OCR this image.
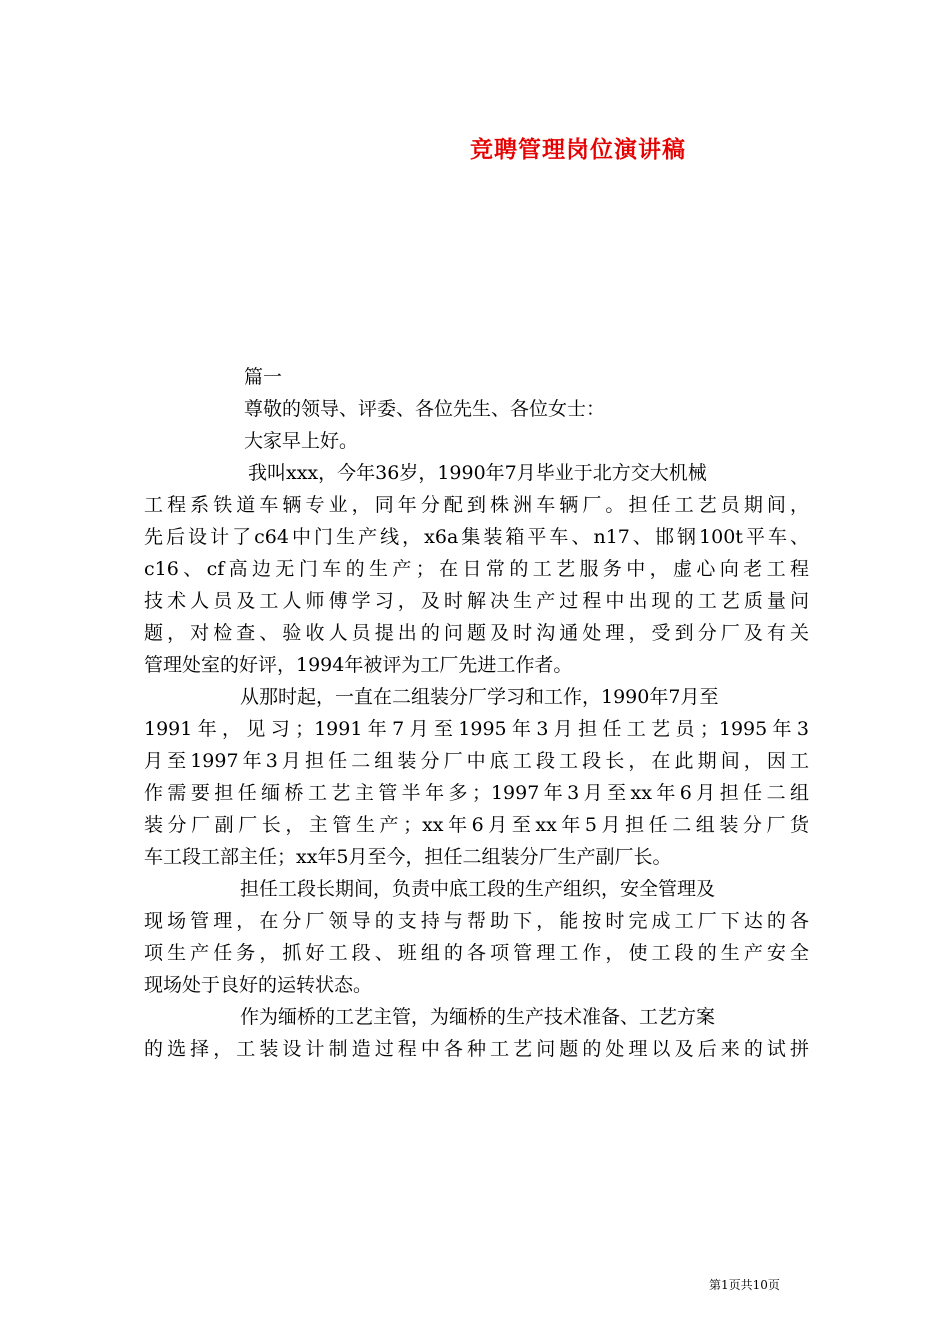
竞聘管理岗位演讲稿
篇一
尊敬的领导、评委、各位先生、各位女士：
大家早上好。
我叫xxx，今年36岁，1990年7月毕业于北方交大机械
工程系铁道车辆专业，同年分配到株洲车辆厂。担任工艺员期间，
先后设计了c64中门生产线，x6a集装箱平车、n17、邯钢100t平车、
c16、cf高边无门车的生产；在日常的工艺服务中，虚心向老工程
技术人员及工人师傅学习，及时解决生产过程中出现的工艺质量问
题，对检查、验收人员提出的问题及时沟通处理，受到分厂及有关
管理处室的好评，1994年被评为工厂先进工作者。
从那时起，一直在二组装分厂学习和工作，1990年7月至
1991年，见习；1991年7月至1995年3月担任工艺员；1995年3
月至1997年3月担任二组装分厂中底工段工段长，在此期间，因工
作需要担任缅桥工艺主管半年多；1997年3月至xx年6月担任二组
装分厂副厂长，主管生产；xx年6月至xx年5月担任二组装分厂货
车工段工部主任；xx年5月至今，担任二组装分厂生产副厂长。
担任工段长期间，负责中底工段的生产组织，安全管理及
现场管理，在分厂领导的支持与帮助下，能按时完成工厂下达的各
项生产任务，抓好工段、班组的各项管理工作，使工段的生产安全
现场处于良好的运转状态。
作为缅桥的工艺主管，为缅桥的生产技术准备、工艺方案
的选择，工装设计制造过程中各种工艺问题的处理以及后来的试拼
第1页共10页
